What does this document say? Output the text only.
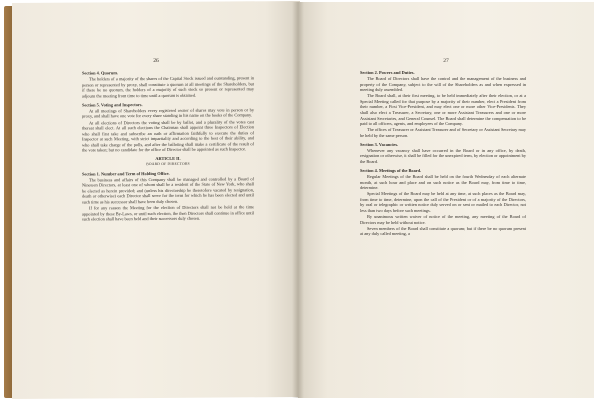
26
Section 4. Quorum.
The holders of a majority of the shares of the Capital Stock issued and outstanding, present in person or represented by proxy, shall constitute a quorum at all meetings of the Shareholders, but if there be no quorum, the holders of a majority of such stock so present or represented may adjourn the meeting from time to time until a quorum is obtained.
Section 5. Voting and Inspectors.
At all meetings of Shareholders every registered owner of shares may vote in person or by proxy, and shall have one vote for every share standing in his name on the books of the Company.
At all elections of Directors the voting shall be by ballot, and a plurality of the votes cast thereat shall elect. At all such elections the Chairman shall appoint three Inspectors of Election who shall first take and subscribe an oath or affirmation faithfully to execute the duties of Inspector at such Meeting, with strict impartiality and according to the best of their ability, and who shall take charge of the polls, and after the balloting shall make a certificate of the result of the vote taken; but no candidate for the office of Director shall be appointed as such Inspector.
ARTICLE II.
BOARD OF DIRECTORS
Section 1. Number and Term of Holding Office.
The business and affairs of this Company shall be managed and controlled by a Board of Nineteen Directors, at least one of whom shall be a resident of the State of New York, who shall be elected as herein provided; and (unless his directorship be theretofore vacated by resignation, death or otherwise) each Director shall serve for the term for which he has been elected and until such time as his successor shall have been duly chosen.
If for any reason the Meeting for the election of Directors shall not be held at the time appointed by these By-Laws, or until such election, the then Directors shall continue in office until such election shall have been held and their successors duly chosen.
27
Section 2. Powers and Duties.
The Board of Directors shall have the control and the management of the business and property of the Company, subject to the will of the Shareholders as and when expressed in meeting duly assembled.
The Board shall, at their first meeting, to be held immediately after their election, or at a Special Meeting called for that purpose by a majority of their number, elect a President from their number, a First Vice-President, and may elect one or more other Vice-Presidents. They shall also elect a Treasurer, a Secretary, one or more Assistant Treasurers and one or more Assistant Secretaries, and General Counsel. The Board shall determine the compensation to be paid to all officers, agents, and employees of the Company.
The offices of Treasurer or Assistant Treasurer and of Secretary or Assistant Secretary may be held by the same person.
Section 3. Vacancies.
Whenever any vacancy shall have occurred in the Board or in any office, by death, resignation or otherwise, it shall be filled for the unexpired term, by election or appointment by the Board.
Section 4. Meetings of the Board.
Regular Meetings of the Board shall be held on the fourth Wednesday of each alternate month, at such hour and place and on such notice as the Board may, from time to time, determine.
Special Meetings of the Board may be held at any time, at such places as the Board may, from time to time, determine, upon the call of the President or of a majority of the Directors, by oral or telegraphic or written notice duly served on or sent or mailed to each Director, not less than two days before such meetings.
By unanimous written waiver of notice of the meeting, any meeting of the Board of Directors may be held without notice.
Seven members of the Board shall constitute a quorum; but if there be no quorum present at any duly called meeting, a
